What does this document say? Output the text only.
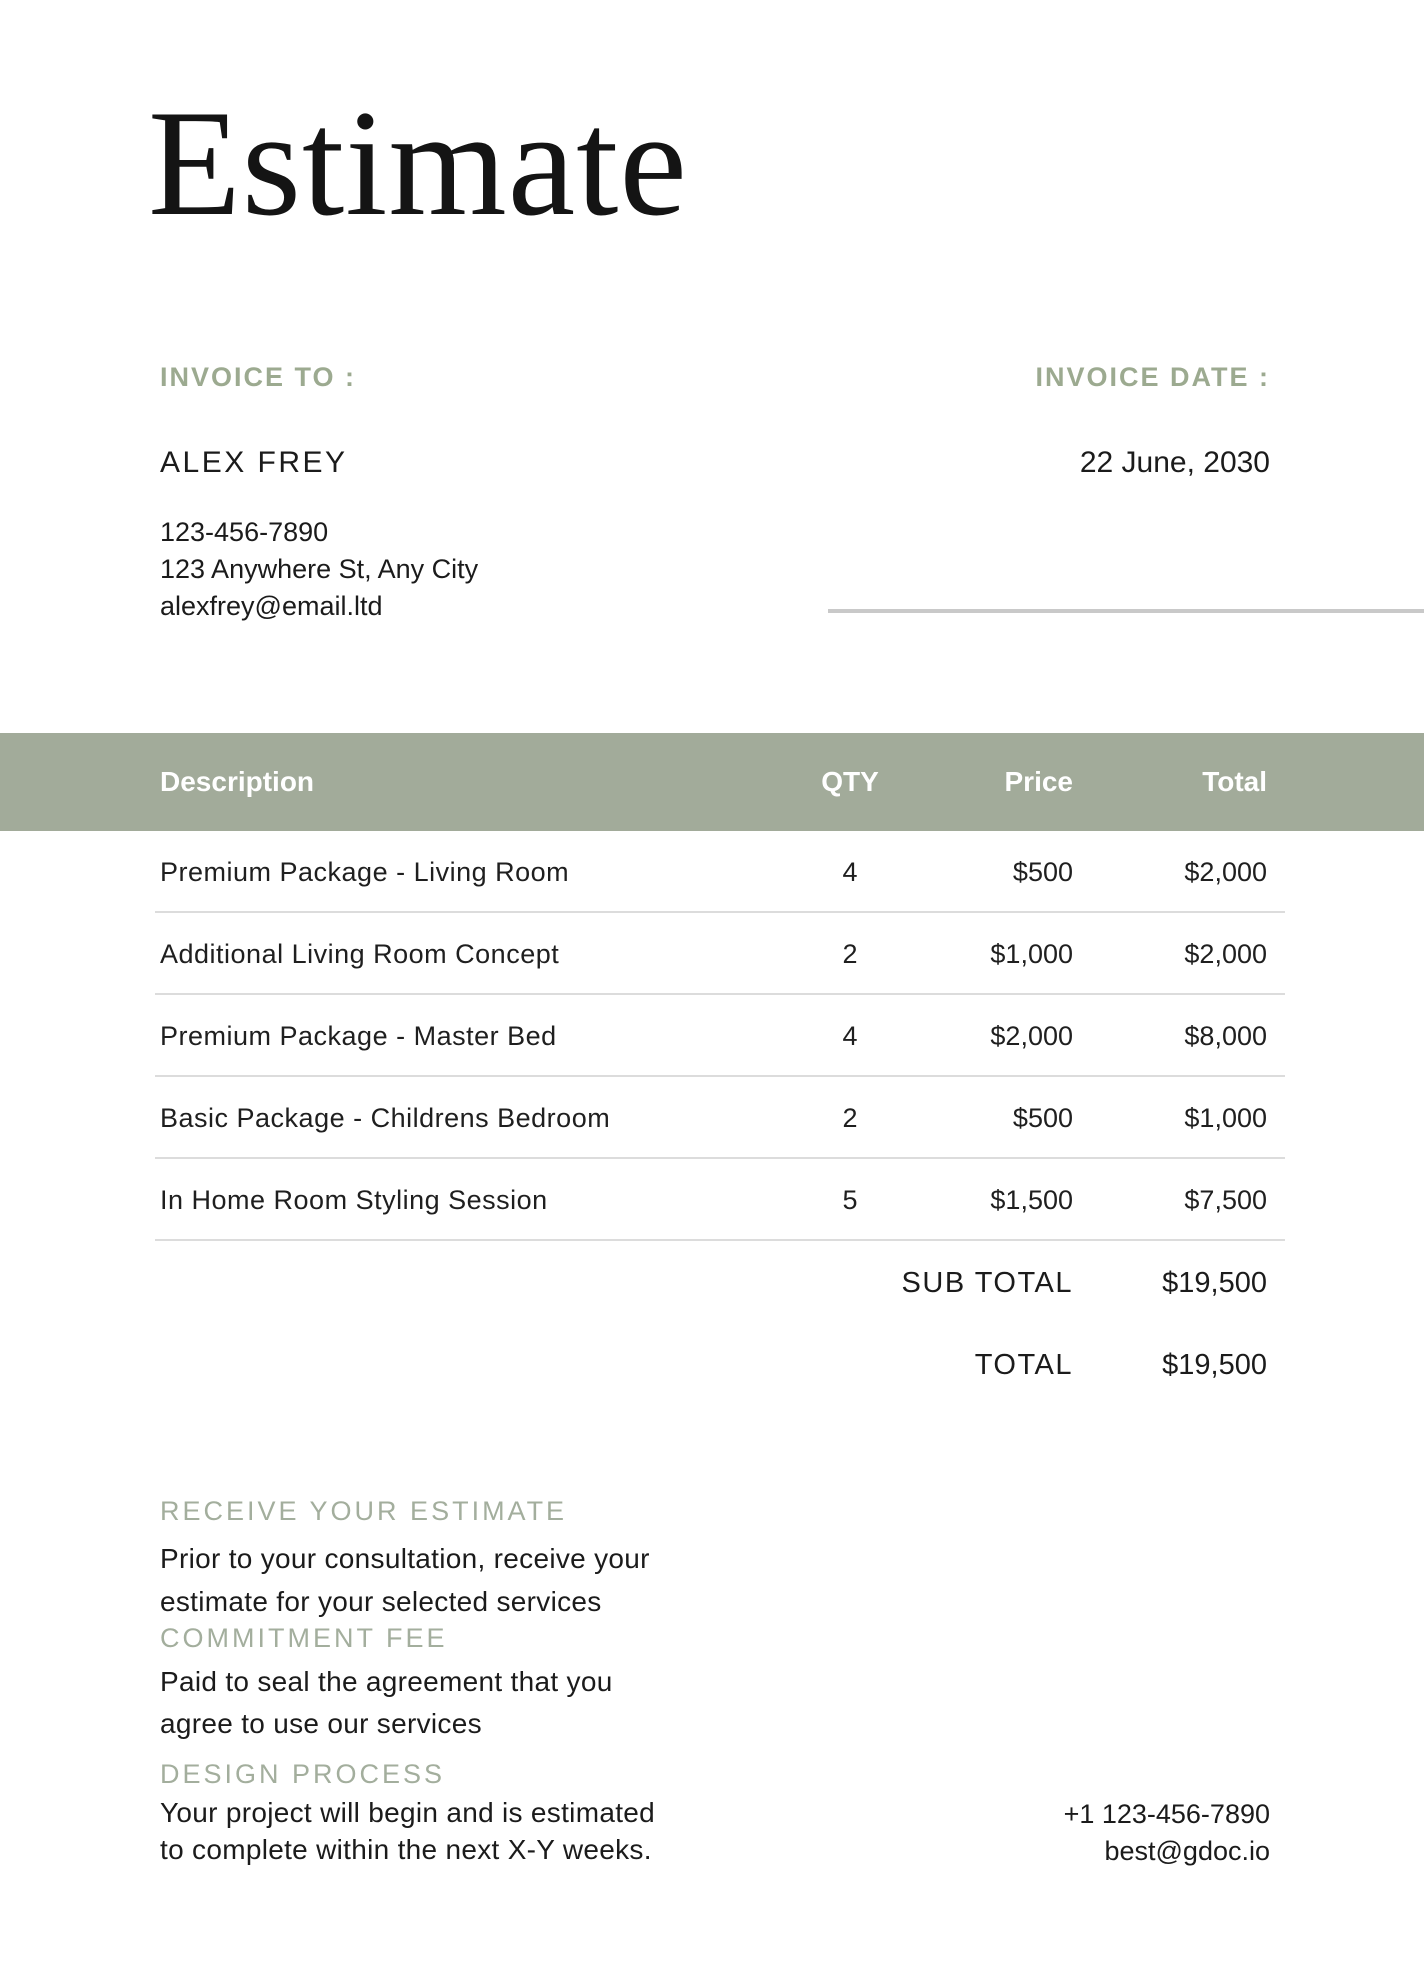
Estimate
INVOICE TO :	INVOICE DATE :
ALEX FREY	22 June, 2030
123-456-7890
123 Anywhere St, Any City
alexfrey@email.ltd
Description	QTY	Price	Total
Premium Package - Living Room	4	$500	$2,000
Additional Living Room Concept	2	$1,000	$2,000
Premium Package - Master Bed	4	$2,000	$8,000
Basic Package - Childrens Bedroom	2	$500	$1,000
In Home Room Styling Session	5	$1,500	$7,500
SUB TOTAL	$19,500
TOTAL	$19,500
RECEIVE YOUR ESTIMATE
Prior to your consultation, receive your
estimate for your selected services
COMMITMENT FEE
Paid to seal the agreement that you
agree to use our services
DESIGN PROCESS
Your project will begin and is estimated
to complete within the next X-Y weeks.
+1 123-456-7890
best@gdoc.io
